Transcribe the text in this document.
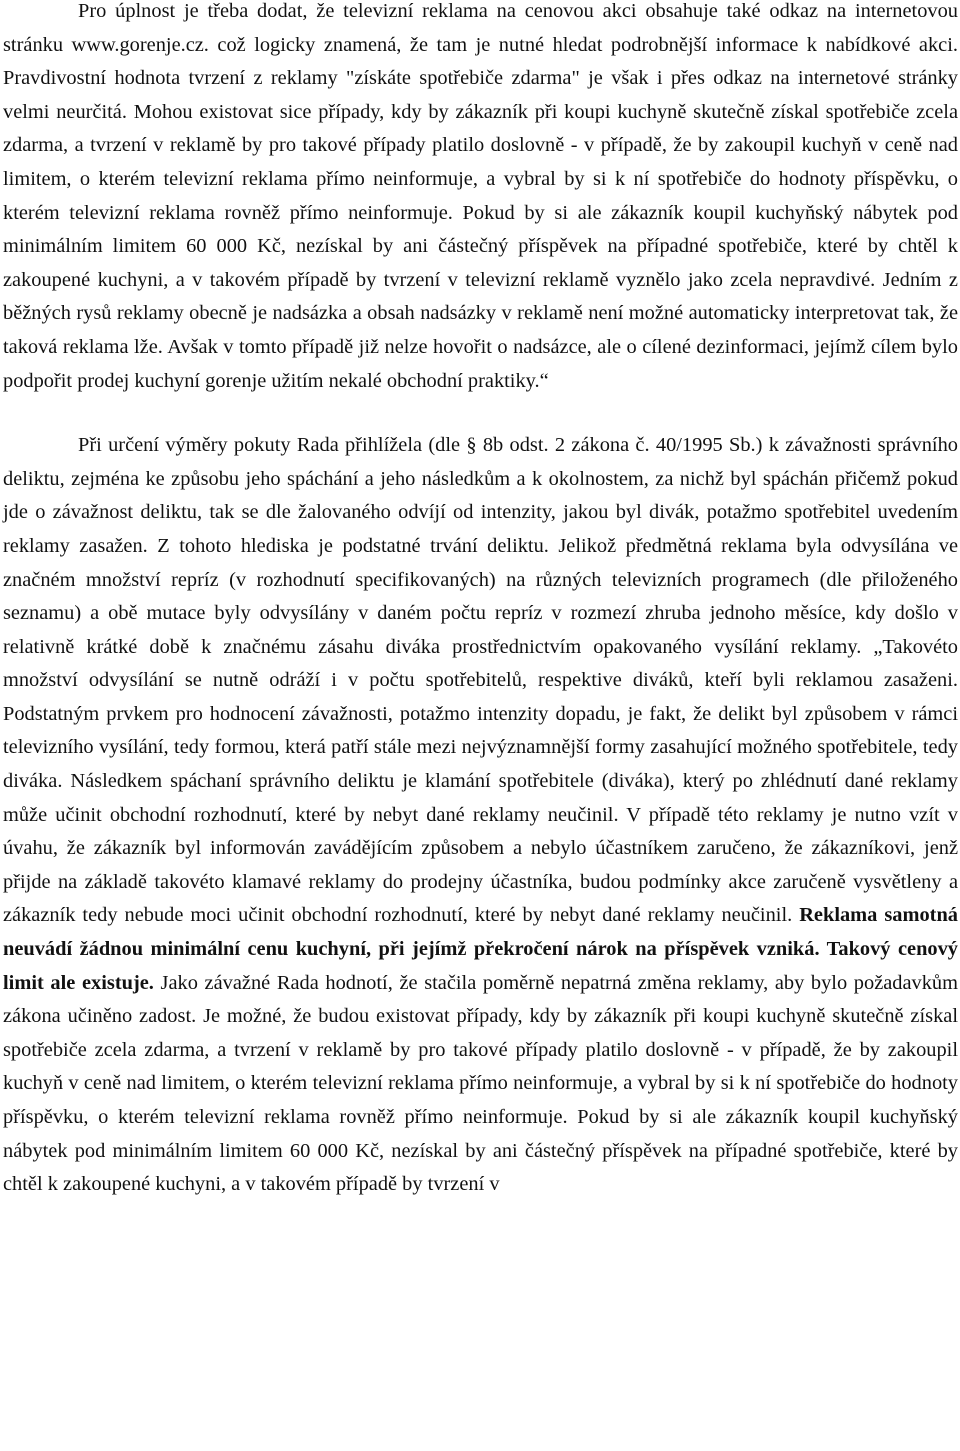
Pro úplnost je třeba dodat, že televizní reklama na cenovou akci obsahuje také odkaz na internetovou stránku www.gorenje.cz. což logicky znamená, že tam je nutné hledat podrobnější informace k nabídkové akci. Pravdivostní hodnota tvrzení z reklamy "získáte spotřebiče zdarma" je však i přes odkaz na internetové stránky velmi neurčitá. Mohou existovat sice případy, kdy by zákazník při koupi kuchyně skutečně získal spotřebiče zcela zdarma, a tvrzení v reklamě by pro takové případy platilo doslovně - v případě, že by zakoupil kuchyň v ceně nad limitem, o kterém televizní reklama přímo neinformuje, a vybral by si k ní spotřebiče do hodnoty příspěvku, o kterém televizní reklama rovněž přímo neinformuje. Pokud by si ale zákazník koupil kuchyňský nábytek pod minimálním limitem 60 000 Kč, nezískal by ani částečný příspěvek na případné spotřebiče, které by chtěl k zakoupené kuchyni, a v takovém případě by tvrzení v televizní reklamě vyznělo jako zcela nepravdivé. Jedním z běžných rysů reklamy obecně je nadsázka a obsah nadsázky v reklamě není možné automaticky interpretovat tak, že taková reklama lže. Avšak v tomto případě již nelze hovořit o nadsázce, ale o cílené dezinformaci, jejímž cílem bylo podpořit prodej kuchyní gorenje užitím nekalé obchodní praktiky.“

Při určení výměry pokuty Rada přihlížela (dle § 8b odst. 2 zákona č. 40/1995 Sb.) k závažnosti správního deliktu, zejména ke způsobu jeho spáchání a jeho následkům a k okolnostem, za nichž byl spáchán přičemž pokud jde o závažnost deliktu, tak se dle žalovaného odvíjí od intenzity, jakou byl divák, potažmo spotřebitel uvedením reklamy zasažen. Z tohoto hlediska je podstatné trvání deliktu. Jelikož předmětná reklama byla odvysílána ve značném množství repríz (v rozhodnutí specifikovaných) na různých televizních programech (dle přiloženého seznamu) a obě mutace byly odvysílány v daném počtu repríz v rozmezí zhruba jednoho měsíce, kdy došlo v relativně krátké době k značnému zásahu diváka prostřednictvím opakovaného vysílání reklamy. „Takovéto množství odvysílání se nutně odráží i v počtu spotřebitelů, respektive diváků, kteří byli reklamou zasaženi. Podstatným prvkem pro hodnocení závažnosti, potažmo intenzity dopadu, je fakt, že delikt byl způsobem v rámci televizního vysílání, tedy formou, která patří stále mezi nejvýznamnější formy zasahující možného spotřebitele, tedy diváka. Následkem spáchaní správního deliktu je klamání spotřebitele (diváka), který po zhlédnutí dané reklamy může učinit obchodní rozhodnutí, které by nebyt dané reklamy neučinil. V případě této reklamy je nutno vzít v úvahu, že zákazník byl informován zavádějícím způsobem a nebylo účastníkem zaručeno, že zákazníkovi, jenž přijde na základě takovéto klamavé reklamy do prodejny účastníka, budou podmínky akce zaručeně vysvětleny a zákazník tedy nebude moci učinit obchodní rozhodnutí, které by nebyt dané reklamy neučinil. Reklama samotná neuvádí žádnou minimální cenu kuchyní, při jejímž překročení nárok na příspěvek vzniká. Takový cenový limit ale existuje. Jako závažné Rada hodnotí, že stačila poměrně nepatrná změna reklamy, aby bylo požadavkům zákona učiněno zadost. Je možné, že budou existovat případy, kdy by zákazník při koupi kuchyně skutečně získal spotřebiče zcela zdarma, a tvrzení v reklamě by pro takové případy platilo doslovně - v případě, že by zakoupil kuchyň v ceně nad limitem, o kterém televizní reklama přímo neinformuje, a vybral by si k ní spotřebiče do hodnoty příspěvku, o kterém televizní reklama rovněž přímo neinformuje. Pokud by si ale zákazník koupil kuchyňský nábytek pod minimálním limitem 60 000 Kč, nezískal by ani částečný příspěvek na případné spotřebiče, které by chtěl k zakoupené kuchyni, a v takovém případě by tvrzení v
